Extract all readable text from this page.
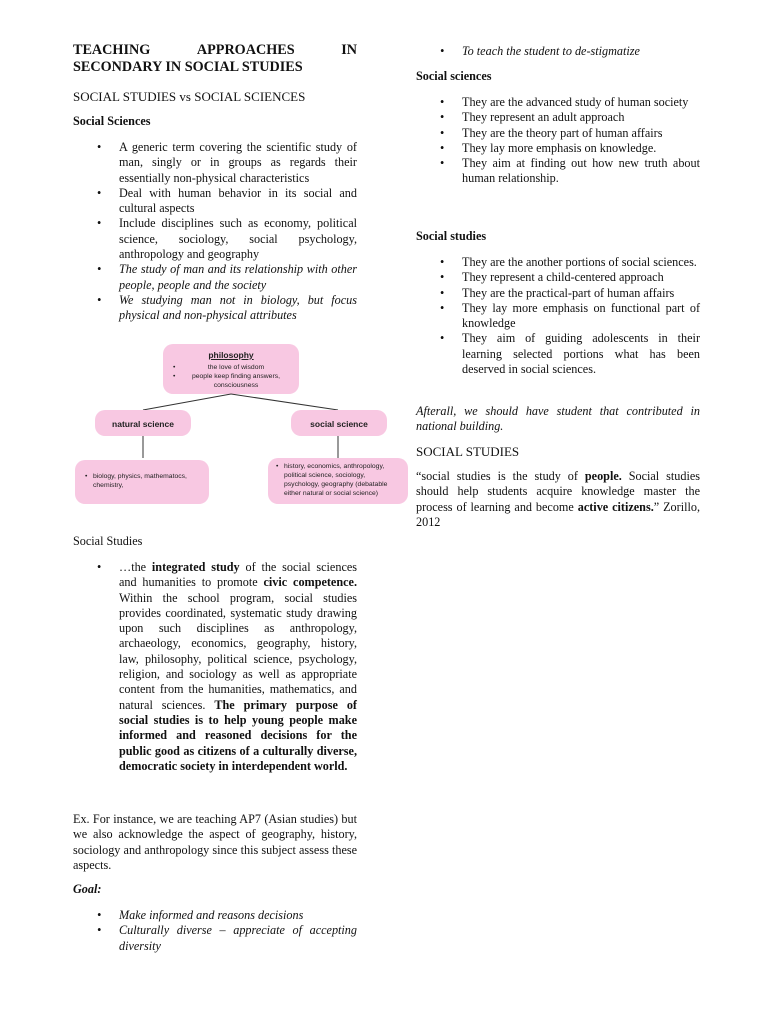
TEACHING	APPROACHES	IN
SECONDARY IN SOCIAL STUDIES

SOCIAL STUDIES vs SOCIAL SCIENCES

Social Sciences

• A generic term covering the scientific study of man, singly or in groups as regards their essentially non-physical characteristics
• Deal with human behavior in its social and cultural aspects
• Include disciplines such as economy, political science, sociology, social psychology, anthropology and geography
• The study of man and its relationship with other people, people and the society
• We studying man not in biology, but focus physical and non-physical attributes
philosophy
• the love of wisdom
• people keep finding answers, consciousness
natural science	social science
• biology, physics, mathematocs, chemistry,
• history, economics, anthropology, political science, sociology, psychology, geography (debatable either natural or social science)

Social Studies

• …the integrated study of the social sciences and humanities to promote civic competence. Within the school program, social studies provides coordinated, systematic study drawing upon such disciplines as anthropology, archaeology, economics, geography, history, law, philosophy, political science, psychology, religion, and sociology as well as appropriate content from the humanities, mathematics, and natural sciences. The primary purpose of social studies is to help young people make informed and reasoned decisions for the public good as citizens of a culturally diverse, democratic society in interdependent world.

Ex. For instance, we are teaching AP7 (Asian studies) but we also acknowledge the aspect of geography, history, sociology and anthropology since this subject assess these aspects.

Goal:

• Make informed and reasons decisions
• Culturally diverse – appreciate of accepting diversity
• To teach the student to de-stigmatize

Social sciences

• They are the advanced study of human society
• They represent an adult approach
• They are the theory part of human affairs
• They lay more emphasis on knowledge.
• They aim at finding out how new truth about human relationship.

Social studies

• They are the another portions of social sciences.
• They represent a child-centered approach
• They are the practical-part of human affairs
• They lay more emphasis on functional part of knowledge
• They aim of guiding adolescents in their learning selected portions what has been deserved in social sciences.

Afterall, we should have student that contributed in national building.

SOCIAL STUDIES

“social studies is the study of people. Social studies should help students acquire knowledge master the process of learning and become active citizens.” Zorillo, 2012
